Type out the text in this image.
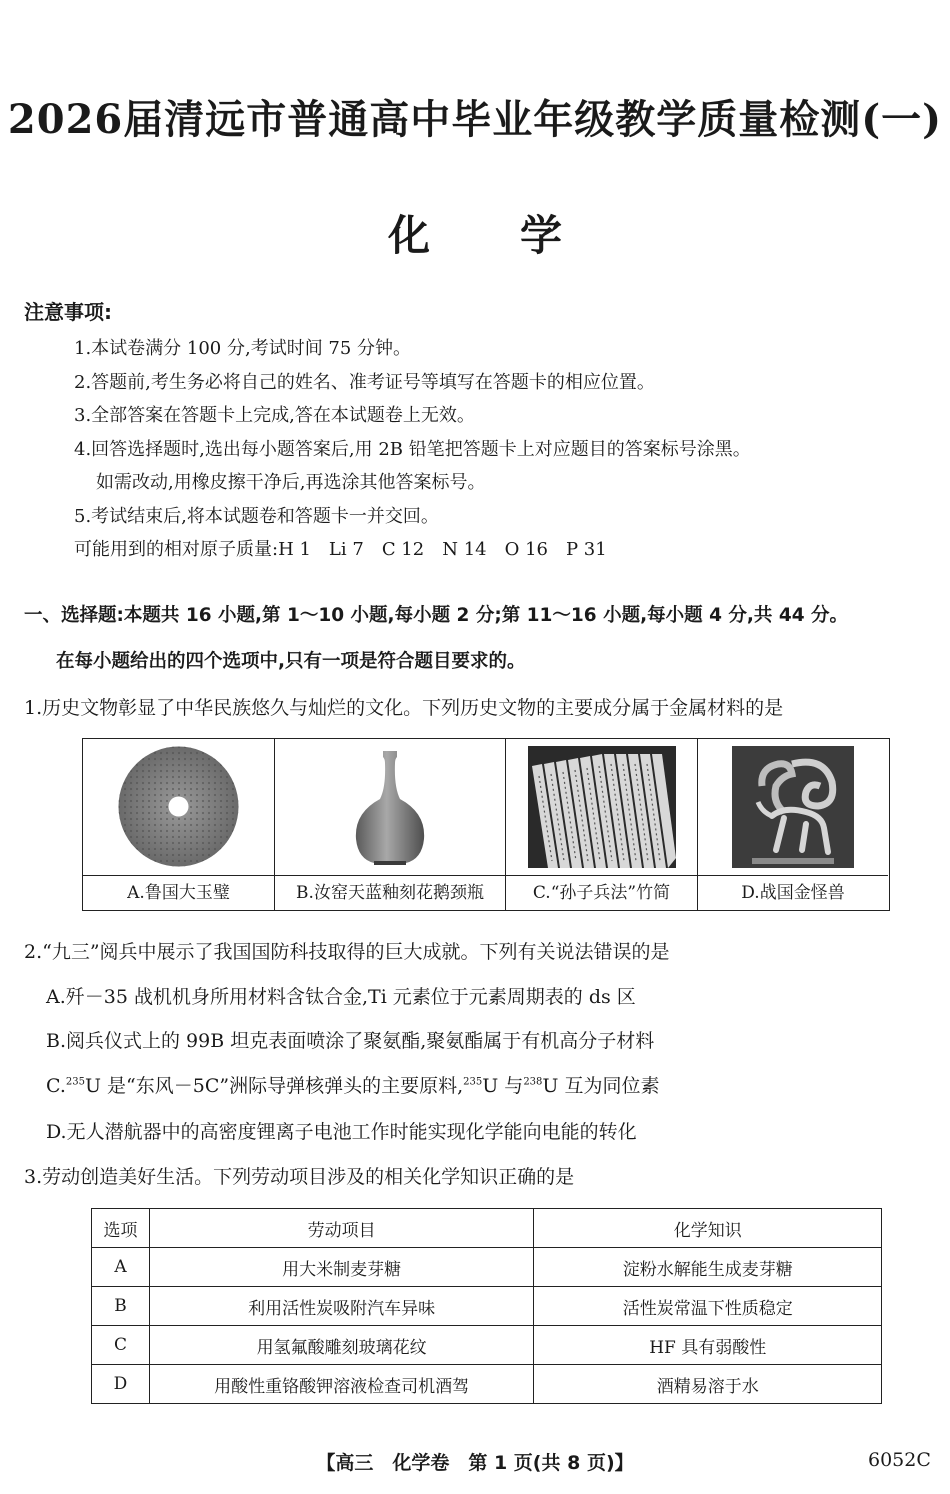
2026届清远市普通高中毕业年级教学质量检测(一)
化学
注意事项:
1.本试卷满分 100 分,考试时间 75 分钟。
2.答题前,考生务必将自己的姓名、准考证号等填写在答题卡的相应位置。
3.全部答案在答题卡上完成,答在本试题卷上无效。
4.回答选择题时,选出每小题答案后,用 2B 铅笔把答题卡上对应题目的答案标号涂黑。
如需改动,用橡皮擦干净后,再选涂其他答案标号。
5.考试结束后,将本试题卷和答题卡一并交回。
可能用到的相对原子质量:H 1　Li 7　C 12　N 14　O 16　P 31
一、选择题:本题共 16 小题,第 1～10 小题,每小题 2 分;第 11～16 小题,每小题 4 分,共 44 分。
在每小题给出的四个选项中,只有一项是符合题目要求的。
1.历史文物彰显了中华民族悠久与灿烂的文化。下列历史文物的主要成分属于金属材料的是
A.鲁国大玉璧	B.汝窑天蓝釉刻花鹅颈瓶	C.“孙子兵法”竹简	D.战国金怪兽
2.“九三”阅兵中展示了我国国防科技取得的巨大成就。下列有关说法错误的是
A.歼－35 战机机身所用材料含钛合金,Ti 元素位于元素周期表的 ds 区
B.阅兵仪式上的 99B 坦克表面喷涂了聚氨酯,聚氨酯属于有机高分子材料
C.$^{235}$U 是“东风－5C”洲际导弹核弹头的主要原料,$^{235}$U 与$^{238}$U 互为同位素
D.无人潜航器中的高密度锂离子电池工作时能实现化学能向电能的转化
3.劳动创造美好生活。下列劳动项目涉及的相关化学知识正确的是
选项	劳动项目	化学知识
A	用大米制麦芽糖	淀粉水解能生成麦芽糖
B	利用活性炭吸附汽车异味	活性炭常温下性质稳定
C	用氢氟酸雕刻玻璃花纹	HF 具有弱酸性
D	用酸性重铬酸钾溶液检查司机酒驾	酒精易溶于水
【高三　化学卷　第 1 页(共 8 页)】	6052C
